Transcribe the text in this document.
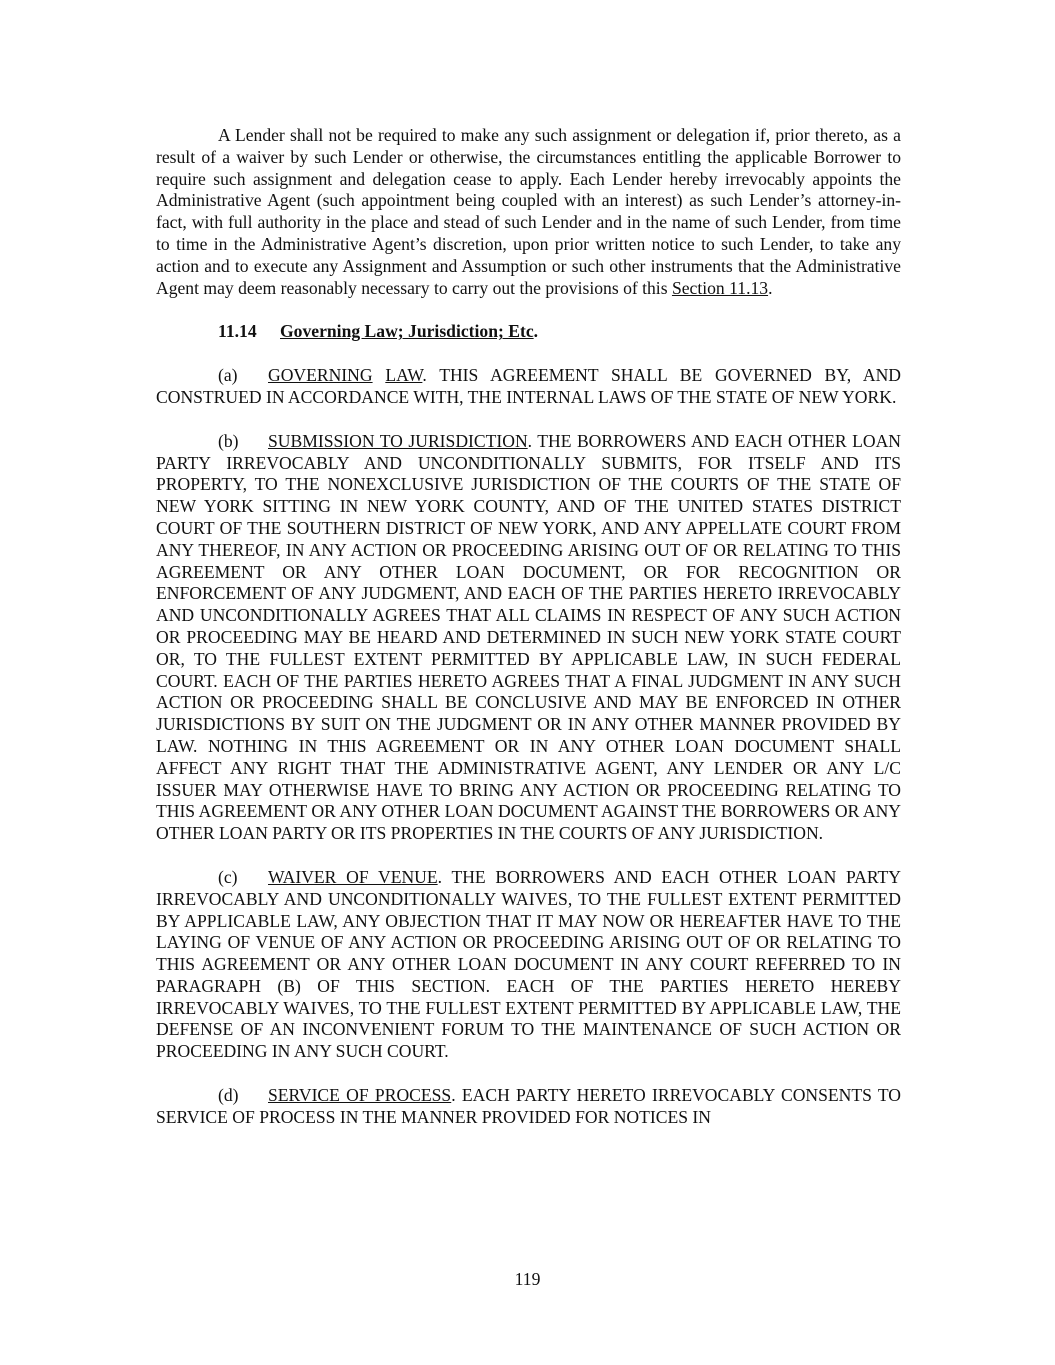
A Lender shall not be required to make any such assignment or delegation if, prior thereto, as a result of a waiver by such Lender or otherwise, the circumstances entitling the applicable Borrower to require such assignment and delegation cease to apply. Each Lender hereby irrevocably appoints the Administrative Agent (such appointment being coupled with an interest) as such Lender’s attorney-in-fact, with full authority in the place and stead of such Lender and in the name of such Lender, from time to time in the Administrative Agent’s discretion, upon prior written notice to such Lender, to take any action and to execute any Assignment and Assumption or such other instruments that the Administrative Agent may deem reasonably necessary to carry out the provisions of this Section 11.13.

11.14 Governing Law; Jurisdiction; Etc.

(a) GOVERNING LAW. THIS AGREEMENT SHALL BE GOVERNED BY, AND CONSTRUED IN ACCORDANCE WITH, THE INTERNAL LAWS OF THE STATE OF NEW YORK.

(b) SUBMISSION TO JURISDICTION. THE BORROWERS AND EACH OTHER LOAN PARTY IRREVOCABLY AND UNCONDITIONALLY SUBMITS, FOR ITSELF AND ITS PROPERTY, TO THE NONEXCLUSIVE JURISDICTION OF THE COURTS OF THE STATE OF NEW YORK SITTING IN NEW YORK COUNTY, AND OF THE UNITED STATES DISTRICT COURT OF THE SOUTHERN DISTRICT OF NEW YORK, AND ANY APPELLATE COURT FROM ANY THEREOF, IN ANY ACTION OR PROCEEDING ARISING OUT OF OR RELATING TO THIS AGREEMENT OR ANY OTHER LOAN DOCUMENT, OR FOR RECOGNITION OR ENFORCEMENT OF ANY JUDGMENT, AND EACH OF THE PARTIES HERETO IRREVOCABLY AND UNCONDITIONALLY AGREES THAT ALL CLAIMS IN RESPECT OF ANY SUCH ACTION OR PROCEEDING MAY BE HEARD AND DETERMINED IN SUCH NEW YORK STATE COURT OR, TO THE FULLEST EXTENT PERMITTED BY APPLICABLE LAW, IN SUCH FEDERAL COURT. EACH OF THE PARTIES HERETO AGREES THAT A FINAL JUDGMENT IN ANY SUCH ACTION OR PROCEEDING SHALL BE CONCLUSIVE AND MAY BE ENFORCED IN OTHER JURISDICTIONS BY SUIT ON THE JUDGMENT OR IN ANY OTHER MANNER PROVIDED BY LAW. NOTHING IN THIS AGREEMENT OR IN ANY OTHER LOAN DOCUMENT SHALL AFFECT ANY RIGHT THAT THE ADMINISTRATIVE AGENT, ANY LENDER OR ANY L/C ISSUER MAY OTHERWISE HAVE TO BRING ANY ACTION OR PROCEEDING RELATING TO THIS AGREEMENT OR ANY OTHER LOAN DOCUMENT AGAINST THE BORROWERS OR ANY OTHER LOAN PARTY OR ITS PROPERTIES IN THE COURTS OF ANY JURISDICTION.

(c) WAIVER OF VENUE. THE BORROWERS AND EACH OTHER LOAN PARTY IRREVOCABLY AND UNCONDITIONALLY WAIVES, TO THE FULLEST EXTENT PERMITTED BY APPLICABLE LAW, ANY OBJECTION THAT IT MAY NOW OR HEREAFTER HAVE TO THE LAYING OF VENUE OF ANY ACTION OR PROCEEDING ARISING OUT OF OR RELATING TO THIS AGREEMENT OR ANY OTHER LOAN DOCUMENT IN ANY COURT REFERRED TO IN PARAGRAPH (B) OF THIS SECTION. EACH OF THE PARTIES HERETO HEREBY IRREVOCABLY WAIVES, TO THE FULLEST EXTENT PERMITTED BY APPLICABLE LAW, THE DEFENSE OF AN INCONVENIENT FORUM TO THE MAINTENANCE OF SUCH ACTION OR PROCEEDING IN ANY SUCH COURT.

(d) SERVICE OF PROCESS. EACH PARTY HERETO IRREVOCABLY CONSENTS TO SERVICE OF PROCESS IN THE MANNER PROVIDED FOR NOTICES IN

119
